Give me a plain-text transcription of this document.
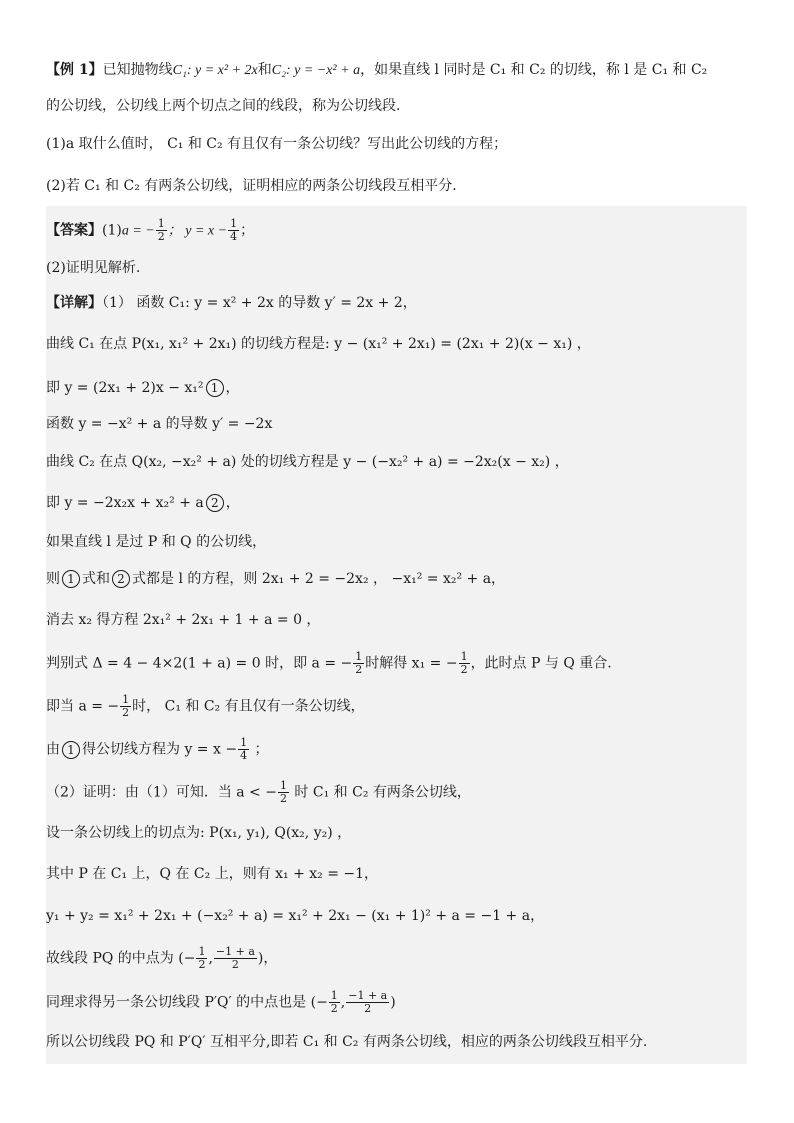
【例 1】已知抛物线C₁: y = x² + 2x和C₂: y = −x² + a，如果直线 l 同时是 C₁ 和 C₂ 的切线，称 l 是 C₁ 和 C₂
的公切线，公切线上两个切点之间的线段，称为公切线段.
(1)a 取什么值时， C₁ 和 C₂ 有且仅有一条公切线？写出此公切线的方程；
(2)若 C₁ 和 C₂ 有两条公切线，证明相应的两条公切线段互相平分.
【答案】(1)a = − $\frac{1}{2}$ ； $y = x - \frac{1}{4}$ ；
(2)证明见解析.
【详解】（1） 函数 C₁: y = x² + 2x 的导数 y′ = 2x + 2，
曲线 C₁ 在点 P(x₁, x₁² + 2x₁) 的切线方程是: y − (x₁² + 2x₁) = (2x₁ + 2)(x − x₁) ，
即 y = (2x₁ + 2)x − x₁² 1 ，
函数 y = −x² + a 的导数 y′ = −2x
曲线 C₂ 在点 Q(x₂, −x₂² + a) 处的切线方程是 y − (−x₂² + a) = −2x₂(x − x₂) ，
即 y = −2x₂x + x₂² + a 2 ，
如果直线 l 是过 P 和 Q 的公切线，
则 1 式和 2 式都是 l 的方程，则 2x₁ + 2 = −2x₂ ， −x₁² = x₂² + a，
消去 x₂ 得方程 2x₁² + 2x₁ + 1 + a = 0 ，
判别式 Δ = 4 − 4×2(1 + a) = 0 时，即 a = − $\frac{1}{2}$ 时解得 x₁ = − $\frac{1}{2}$ ，此时点 P 与 Q 重合.
即当 a = − $\frac{1}{2}$ 时， C₁ 和 C₂ 有且仅有一条公切线，
由 1 得公切线方程为 $y = x - \frac{1}{4}$ ；
（2）证明：由（1）可知．当 a < − $\frac{1}{2}$ 时 C₁ 和 C₂ 有两条公切线，
设一条公切线上的切点为: P(x₁, y₁), Q(x₂, y₂) ，
其中 P 在 C₁ 上，Q 在 C₂ 上，则有 x₁ + x₂ = −1，
y₁ + y₂ = x₁² + 2x₁ + (−x₂² + a) = x₁² + 2x₁ − (x₁ + 1)² + a = −1 + a，
故线段 PQ 的中点为 (− $\frac{1}{2}$ , $\frac{-1 + a}{2}$ )，
同理求得另一条公切线段 P′Q′ 的中点也是 (− $\frac{1}{2}$ , $\frac{-1 + a}{2}$ )
所以公切线段 PQ 和 P′Q′ 互相平分,即若 C₁ 和 C₂ 有两条公切线，相应的两条公切线段互相平分.
